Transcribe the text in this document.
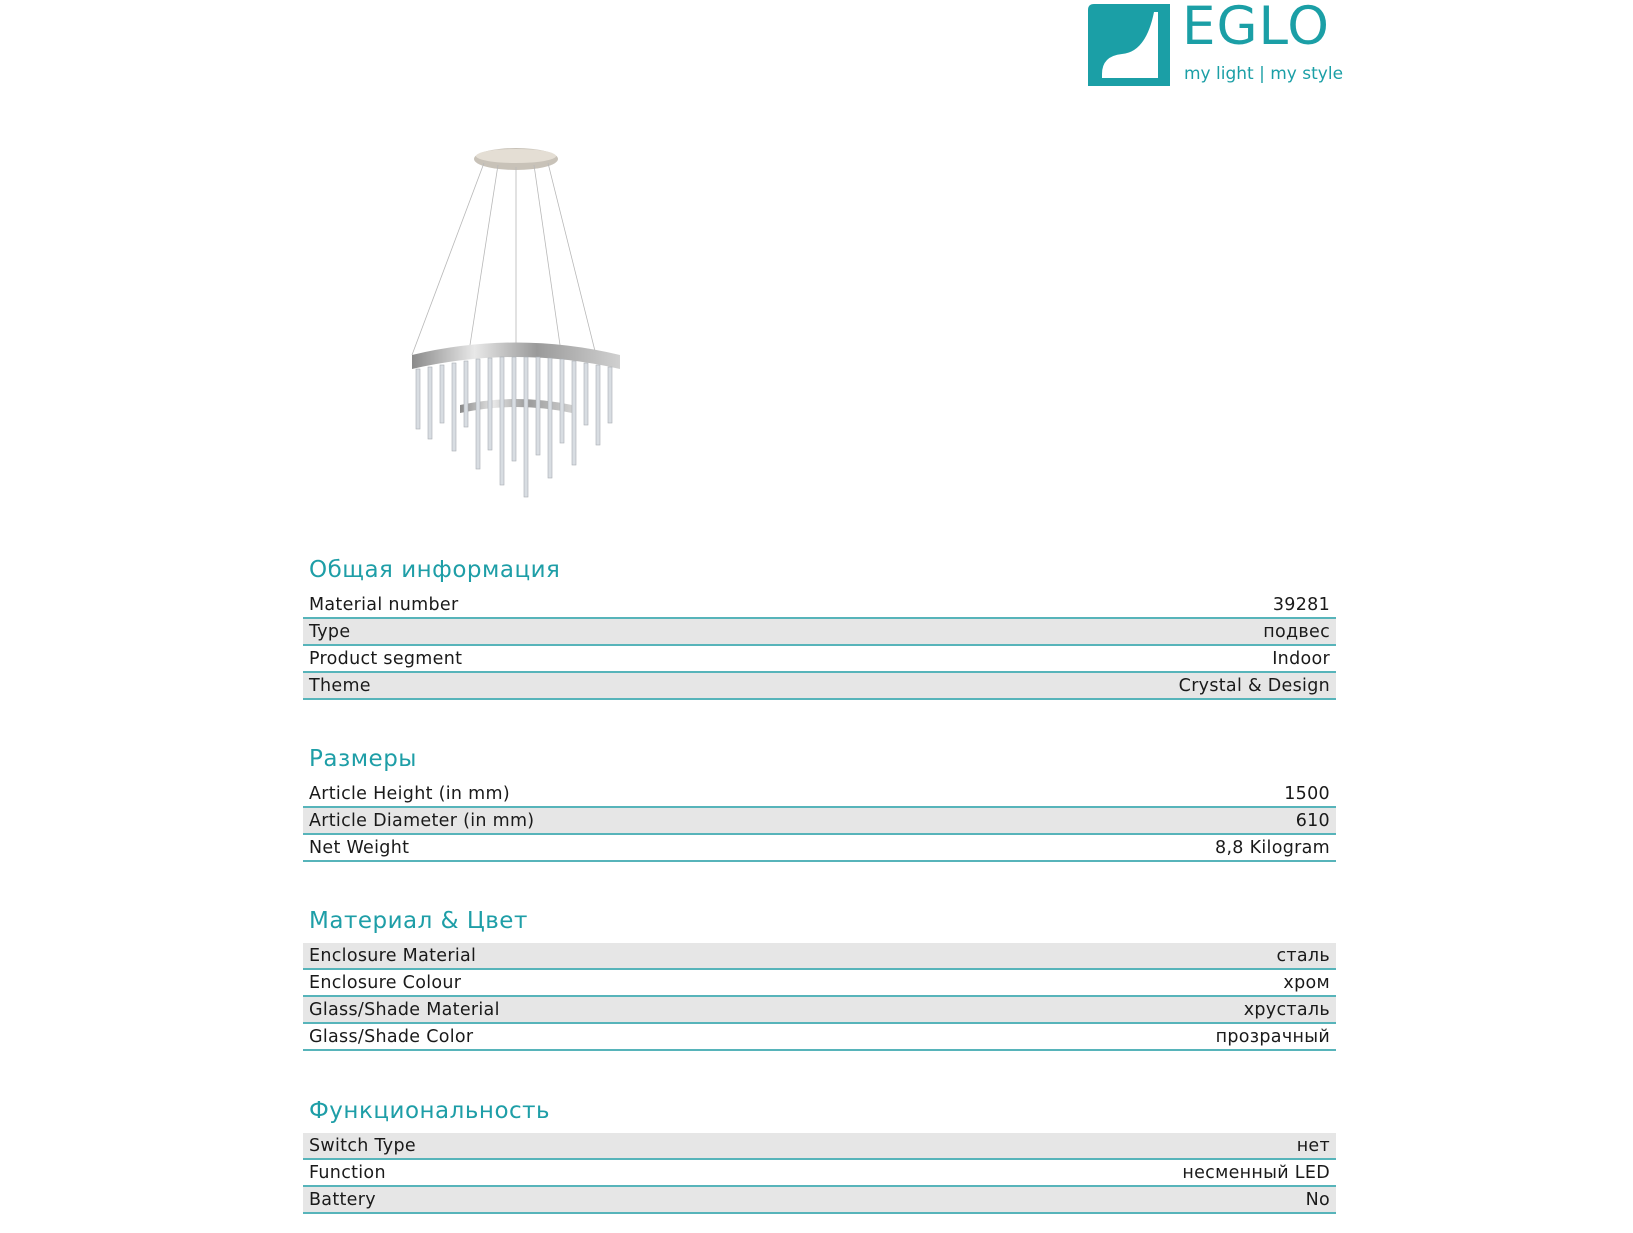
EGLO
my light | my style
Общая информация
Material number	39281
Type	подвес
Product segment	Indoor
Theme	Crystal & Design
Размеры
Article Height (in mm)	1500
Article Diameter (in mm)	610
Net Weight	8,8 Kilogram
Материал & Цвет
Enclosure Material	сталь
Enclosure Colour	хром
Glass/Shade Material	хрусталь
Glass/Shade Color	прозрачный
Функциональность
Switch Type	нет
Function	несменный LED
Battery	No
